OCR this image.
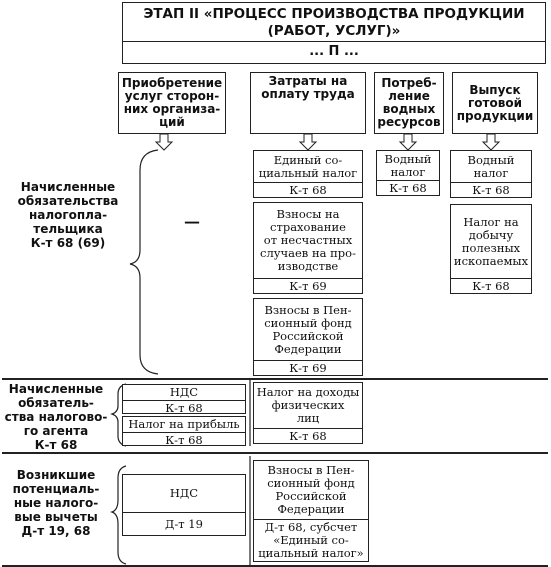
ЭТАП II «ПРОЦЕСС ПРОИЗВОДСТВА ПРОДУКЦИИ
(РАБОТ, УСЛУГ)»
... П ...
Приобретение
услуг сторон-
них организа-
ций
Затраты на
оплату труда
Потреб-
ление
водных
ресурсов
Выпуск
готовой
продукции
Начисленные
обязательства
налогопла-
тельщика
К-т 68 (69)
Начисленные
обязатель-
ства налогово-
го агента
К-т 68
Возникшие
потенциаль-
ные налого-
вые вычеты
Д-т 19, 68
—
Единый со-
циальный налог
К-т 68
Взносы на
страхование
от несчастных
случаев на про-
изводстве
К-т 69
Взносы в Пен-
сионный фонд
Российской
Федерации
К-т 69
Водный
налог
К-т 68
Водный
налог
К-т 68
Налог на
добычу
полезных
ископаемых
К-т 68
НДС
К-т 68
Налог на прибыль
К-т 68
Налог на доходы
физических
лиц
К-т 68
НДС
Д-т 19
Взносы в Пен-
сионный фонд
Российской
Федерации
Д-т 68, субсчет
«Единый со-
циальный налог»
